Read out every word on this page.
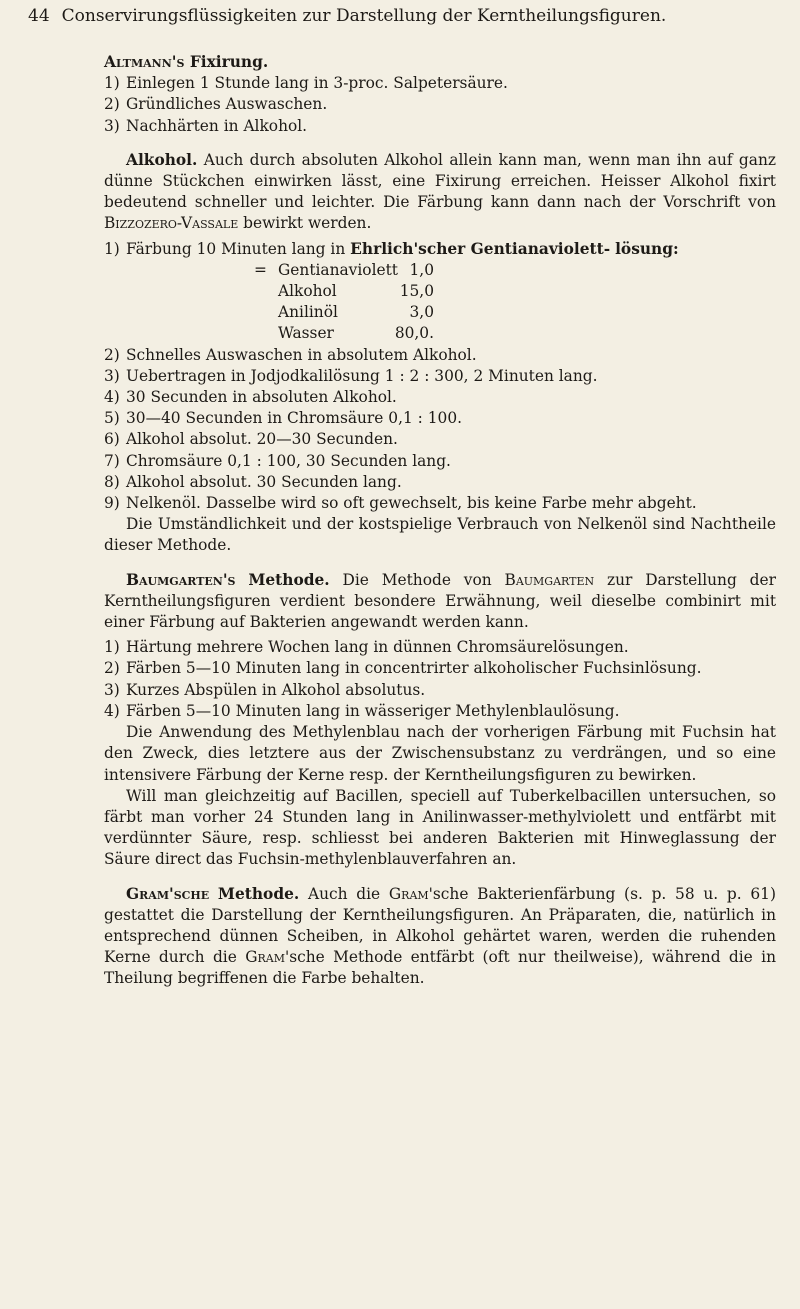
44 Conservirungsflüssigkeiten zur Darstellung der Kerntheilungsfiguren.

Altmann's Fixirung.

1) Einlegen 1 Stunde lang in 3-proc. Salpetersäure.
2) Gründliches Auswaschen.
3) Nachhärten in Alkohol.

Alkohol. Auch durch absoluten Alkohol allein kann man, wenn man ihn auf ganz dünne Stückchen einwirken lässt, eine Fixirung erreichen. Heisser Alkohol fixirt bedeutend schneller und leichter. Die Färbung kann dann nach der Vorschrift von Bizzozero-Vassale bewirkt werden.

1) Färbung 10 Minuten lang in Ehrlich'scher Gentianaviolett- lösung:
= Gentianaviolett 1,0
Alkohol	15,0
Anilinöl	3,0
Wasser	80,0.
2) Schnelles Auswaschen in absolutem Alkohol.
3) Uebertragen in Jodjodkalilösung 1 : 2 : 300, 2 Minuten lang.
4) 30 Secunden in absoluten Alkohol.
5) 30—40 Secunden in Chromsäure 0,1 : 100.
6) Alkohol absolut. 20—30 Secunden.
7) Chromsäure 0,1 : 100, 30 Secunden lang.
8) Alkohol absolut. 30 Secunden lang.
9) Nelkenöl. Dasselbe wird so oft gewechselt, bis keine Farbe mehr abgeht.

Die Umständlichkeit und der kostspielige Verbrauch von Nelkenöl sind Nachtheile dieser Methode.

Baumgarten's Methode. Die Methode von Baumgarten zur Darstellung der Kerntheilungsfiguren verdient besondere Erwähnung, weil dieselbe combinirt mit einer Färbung auf Bakterien angewandt werden kann.

1) Härtung mehrere Wochen lang in dünnen Chromsäurelösungen.
2) Färben 5—10 Minuten lang in concentrirter alkoholischer Fuchsinlösung.
3) Kurzes Abspülen in Alkohol absolutus.
4) Färben 5—10 Minuten lang in wässeriger Methylenblaulösung.

Die Anwendung des Methylenblau nach der vorherigen Färbung mit Fuchsin hat den Zweck, dies letztere aus der Zwischensubstanz zu verdrängen, und so eine intensivere Färbung der Kerne resp. der Kerntheilungsfiguren zu bewirken.

Will man gleichzeitig auf Bacillen, speciell auf Tuberkelbacillen untersuchen, so färbt man vorher 24 Stunden lang in Anilinwasser-methylviolett und entfärbt mit verdünnter Säure, resp. schliesst bei anderen Bakterien mit Hinweglassung der Säure direct das Fuchsin-methylenblauverfahren an.

Gram'sche Methode. Auch die Gram'sche Bakterienfärbung (s. p. 58 u. p. 61) gestattet die Darstellung der Kerntheilungsfiguren. An Präparaten, die, natürlich in entsprechend dünnen Scheiben, in Alkohol gehärtet waren, werden die ruhenden Kerne durch die Gram'sche Methode entfärbt (oft nur theilweise), während die in Theilung begriffenen die Farbe behalten.
